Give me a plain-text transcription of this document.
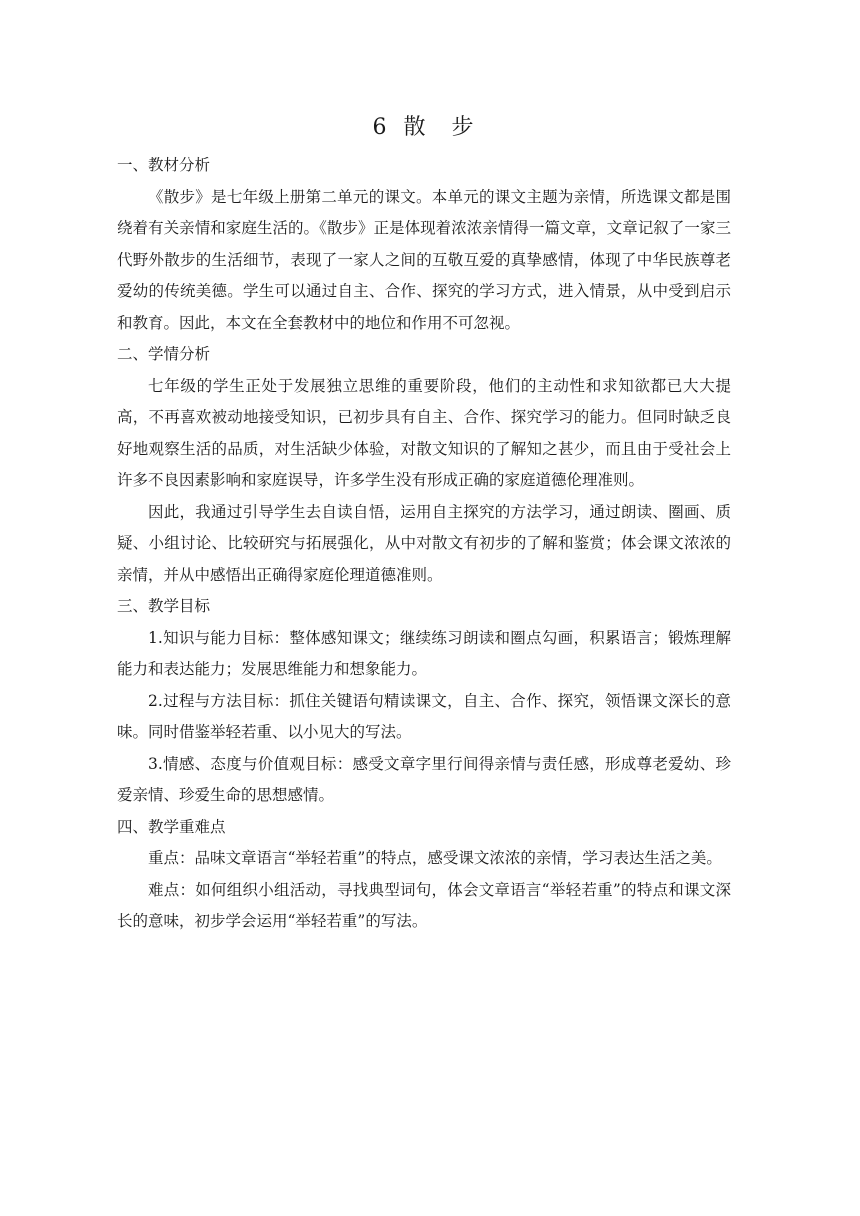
6 散　步

一、教材分析

《散步》是七年级上册第二单元的课文。本单元的课文主题为亲情，所选课文都是围绕着有关亲情和家庭生活的。《散步》正是体现着浓浓亲情得一篇文章，文章记叙了一家三代野外散步的生活细节，表现了一家人之间的互敬互爱的真挚感情，体现了中华民族尊老爱幼的传统美德。学生可以通过自主、合作、探究的学习方式，进入情景，从中受到启示和教育。因此，本文在全套教材中的地位和作用不可忽视。

二、学情分析

七年级的学生正处于发展独立思维的重要阶段，他们的主动性和求知欲都已大大提高，不再喜欢被动地接受知识，已初步具有自主、合作、探究学习的能力。但同时缺乏良好地观察生活的品质，对生活缺少体验，对散文知识的了解知之甚少，而且由于受社会上许多不良因素影响和家庭误导，许多学生没有形成正确的家庭道德伦理准则。

因此，我通过引导学生去自读自悟，运用自主探究的方法学习，通过朗读、圈画、质疑、小组讨论、比较研究与拓展强化，从中对散文有初步的了解和鉴赏；体会课文浓浓的亲情，并从中感悟出正确得家庭伦理道德准则。

三、教学目标

1.知识与能力目标：整体感知课文；继续练习朗读和圈点勾画，积累语言；锻炼理解能力和表达能力；发展思维能力和想象能力。

2.过程与方法目标：抓住关键语句精读课文，自主、合作、探究，领悟课文深长的意味。同时借鉴举轻若重、以小见大的写法。

3.情感、态度与价值观目标：感受文章字里行间得亲情与责任感，形成尊老爱幼、珍爱亲情、珍爱生命的思想感情。

四、教学重难点

重点：品味文章语言“举轻若重”的特点，感受课文浓浓的亲情，学习表达生活之美。

难点：如何组织小组活动，寻找典型词句，体会文章语言“举轻若重”的特点和课文深长的意味，初步学会运用“举轻若重”的写法。
